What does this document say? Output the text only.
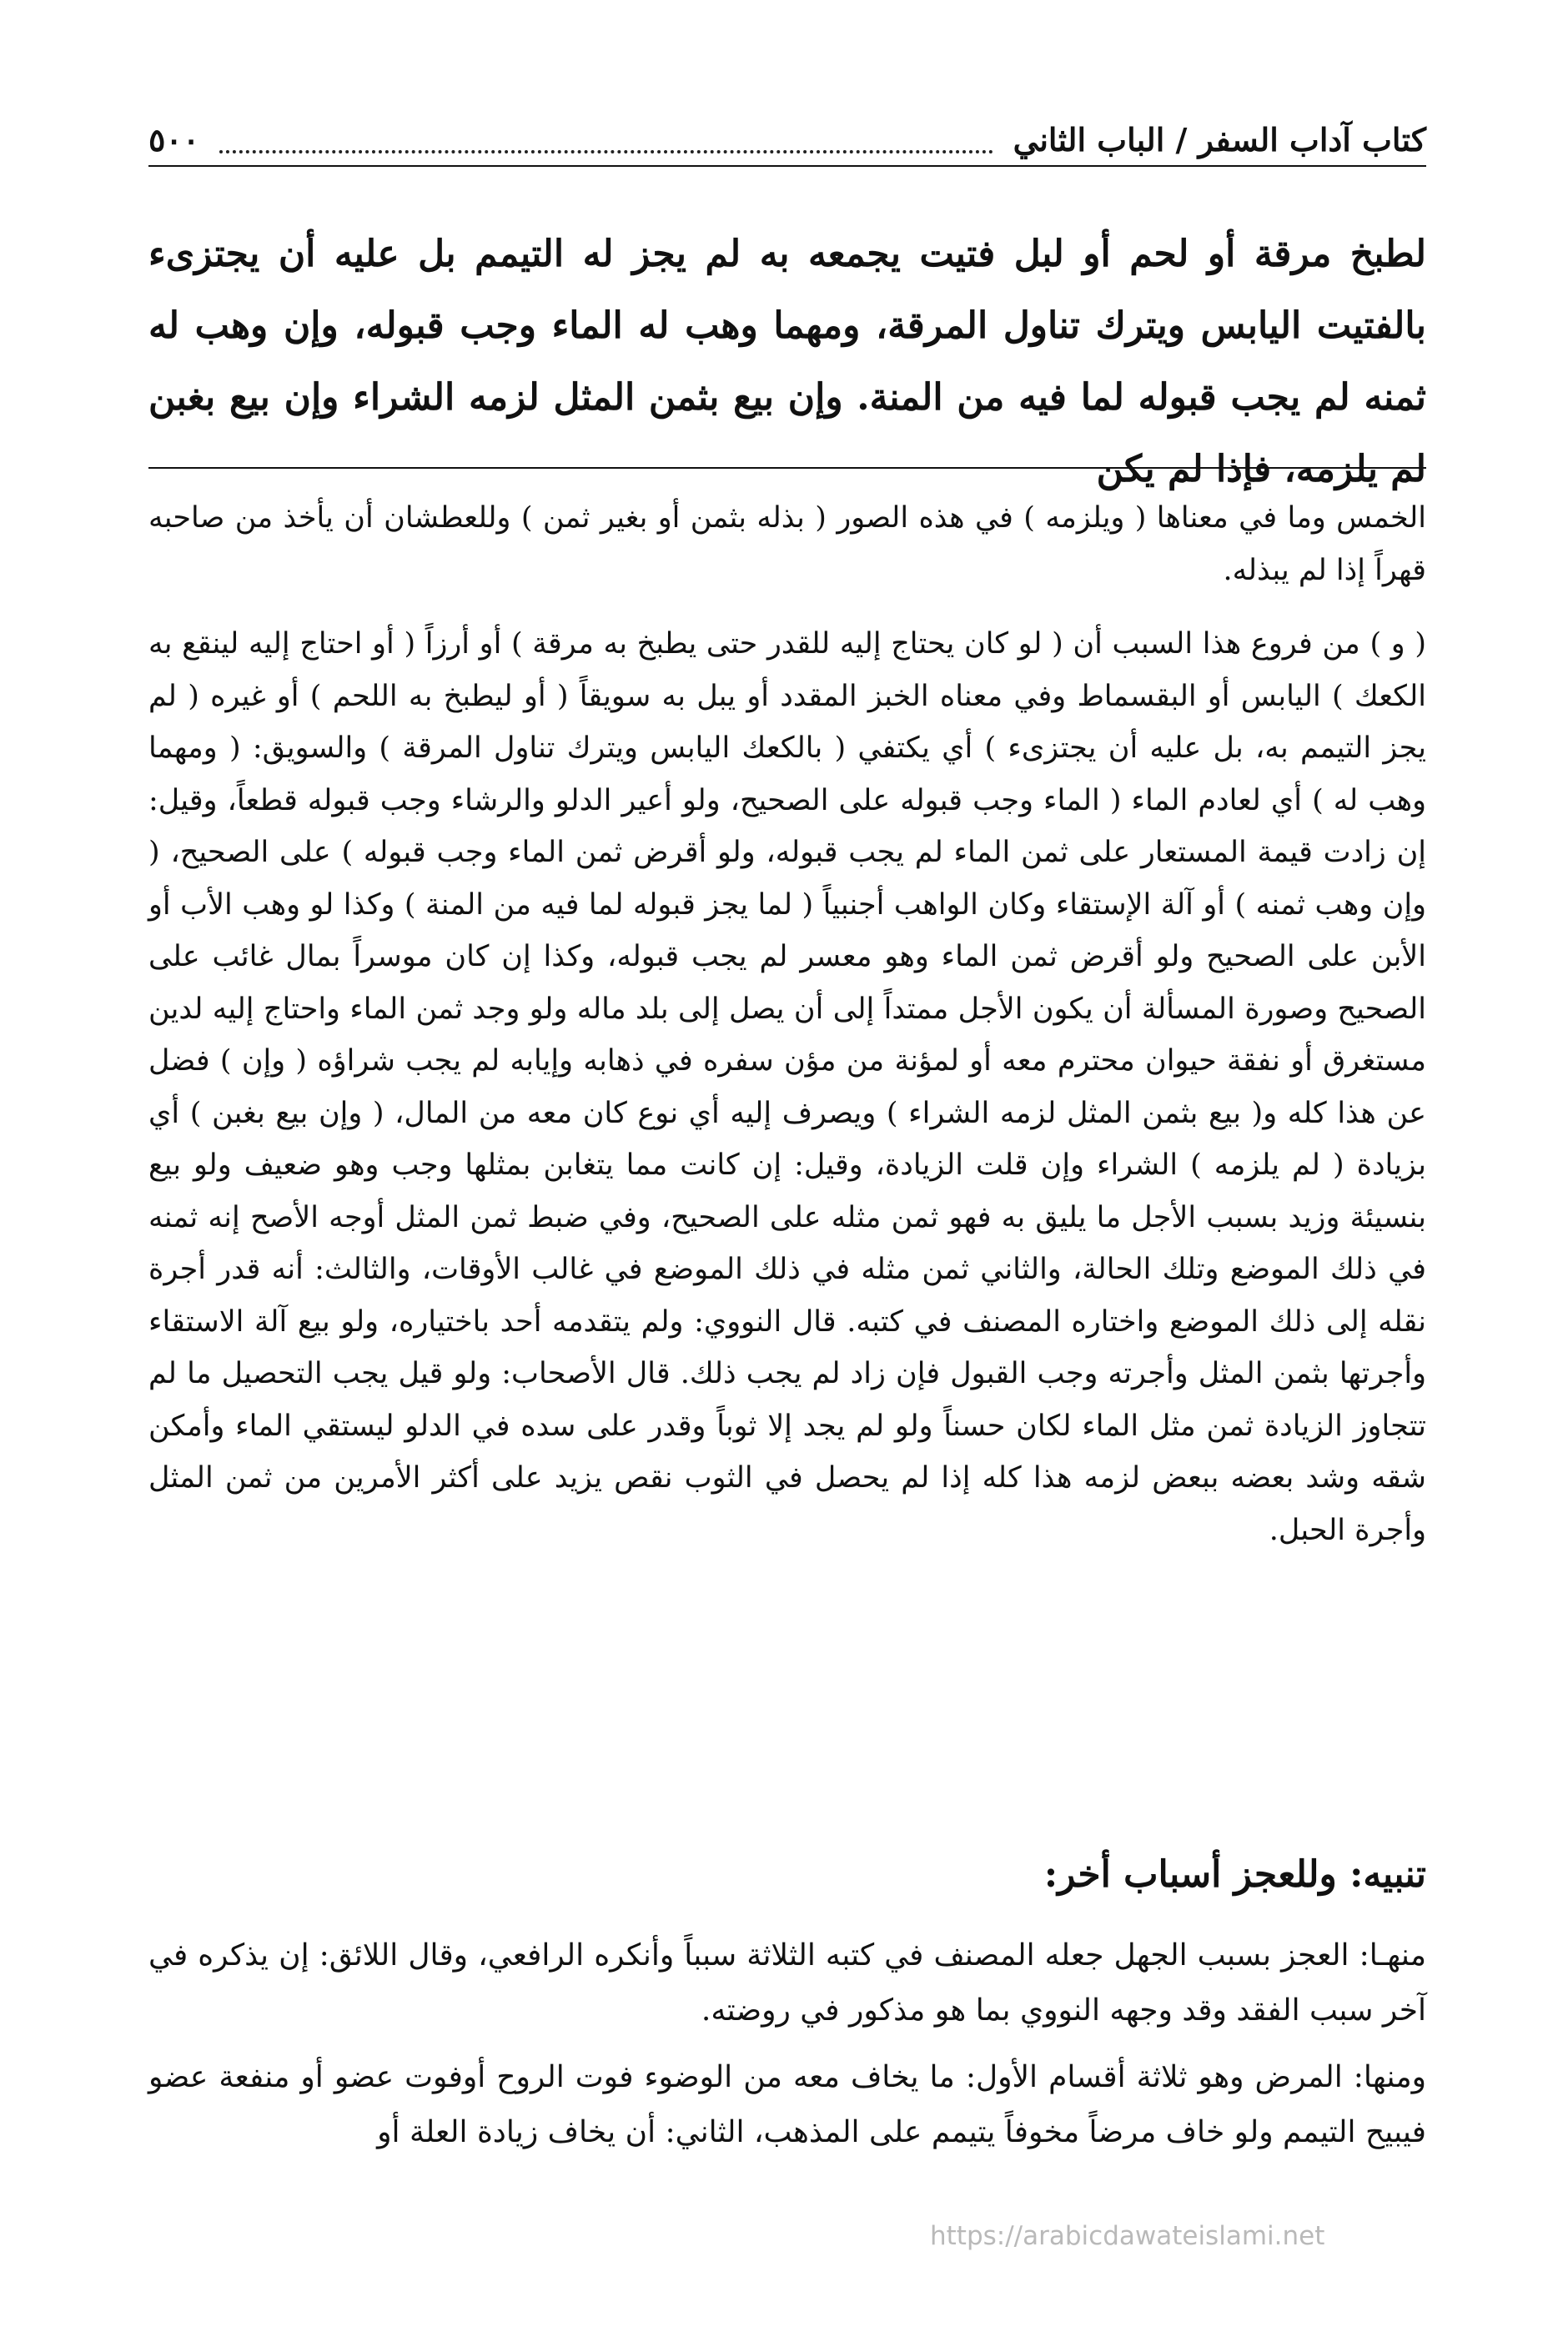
كتاب آداب السفر / الباب الثاني
٥٠٠

لطبخ مرقة أو لحم أو لبل فتيت يجمعه به لم يجز له التيمم بل عليه أن يجتزىء بالفتيت اليابس ويترك تناول المرقة، ومهما وهب له الماء وجب قبوله، وإن وهب له ثمنه لم يجب قبوله لما فيه من المنة. وإن بيع بثمن المثل لزمه الشراء وإن بيع بغبن لم يلزمه، فإذا لم يكن

الخمس وما في معناها ( ويلزمه ) في هذه الصور ( بذله بثمن أو بغير ثمن ) وللعطشان أن يأخذ من صاحبه قهراً إذا لم يبذله.

( و ) من فروع هذا السبب أن ( لو كان يحتاج إليه للقدر حتى يطبخ به مرقة ) أو أرزاً ( أو احتاج إليه لينقع به الكعك ) اليابس أو البقسماط وفي معناه الخبز المقدد أو يبل به سويقاً ( أو ليطبخ به اللحم ) أو غيره ( لم يجز التيمم به، بل عليه أن يجتزىء ) أي يكتفي ( بالكعك اليابس ويترك تناول المرقة ) والسويق: ( ومهما وهب له ) أي لعادم الماء ( الماء وجب قبوله على الصحيح، ولو أعير الدلو والرشاء وجب قبوله قطعاً، وقيل: إن زادت قيمة المستعار على ثمن الماء لم يجب قبوله، ولو أقرض ثمن الماء وجب قبوله ) على الصحيح، ( وإن وهب ثمنه ) أو آلة الإستقاء وكان الواهب أجنبياً ( لما يجز قبوله لما فيه من المنة ) وكذا لو وهب الأب أو الأبن على الصحيح ولو أقرض ثمن الماء وهو معسر لم يجب قبوله، وكذا إن كان موسراً بمال غائب على الصحيح وصورة المسألة أن يكون الأجل ممتداً إلى أن يصل إلى بلد ماله ولو وجد ثمن الماء واحتاج إليه لدين مستغرق أو نفقة حيوان محترم معه أو لمؤنة من مؤن سفره في ذهابه وإيابه لم يجب شراؤه ( وإن ) فضل عن هذا كله و( بيع بثمن المثل لزمه الشراء ) ويصرف إليه أي نوع كان معه من المال، ( وإن بيع بغبن ) أي بزيادة ( لم يلزمه ) الشراء وإن قلت الزيادة، وقيل: إن كانت مما يتغابن بمثلها وجب وهو ضعيف ولو بيع بنسيئة وزيد بسبب الأجل ما يليق به فهو ثمن مثله على الصحيح، وفي ضبط ثمن المثل أوجه الأصح إنه ثمنه في ذلك الموضع وتلك الحالة، والثاني ثمن مثله في ذلك الموضع في غالب الأوقات، والثالث: أنه قدر أجرة نقله إلى ذلك الموضع واختاره المصنف في كتبه. قال النووي: ولم يتقدمه أحد باختياره، ولو بيع آلة الاستقاء وأجرتها بثمن المثل وأجرته وجب القبول فإن زاد لم يجب ذلك. قال الأصحاب: ولو قيل يجب التحصيل ما لم تتجاوز الزيادة ثمن مثل الماء لكان حسناً ولو لم يجد إلا ثوباً وقدر على سده في الدلو ليستقي الماء وأمكن شقه وشد بعضه ببعض لزمه هذا كله إذا لم يحصل في الثوب نقص يزيد على أكثر الأمرين من ثمن المثل وأجرة الحبل.

تنبيه: وللعجز أسباب أخر:

منهـا: العجز بسبب الجهل جعله المصنف في كتبه الثلاثة سبباً وأنكره الرافعي، وقال اللائق: إن يذكره في آخر سبب الفقد وقد وجهه النووي بما هو مذكور في روضته.

ومنها: المرض وهو ثلاثة أقسام الأول: ما يخاف معه من الوضوء فوت الروح أوفوت عضو أو منفعة عضو فيبيح التيمم ولو خاف مرضاً مخوفاً يتيمم على المذهب، الثاني: أن يخاف زيادة العلة أو

https://arabicdawateislami.net
